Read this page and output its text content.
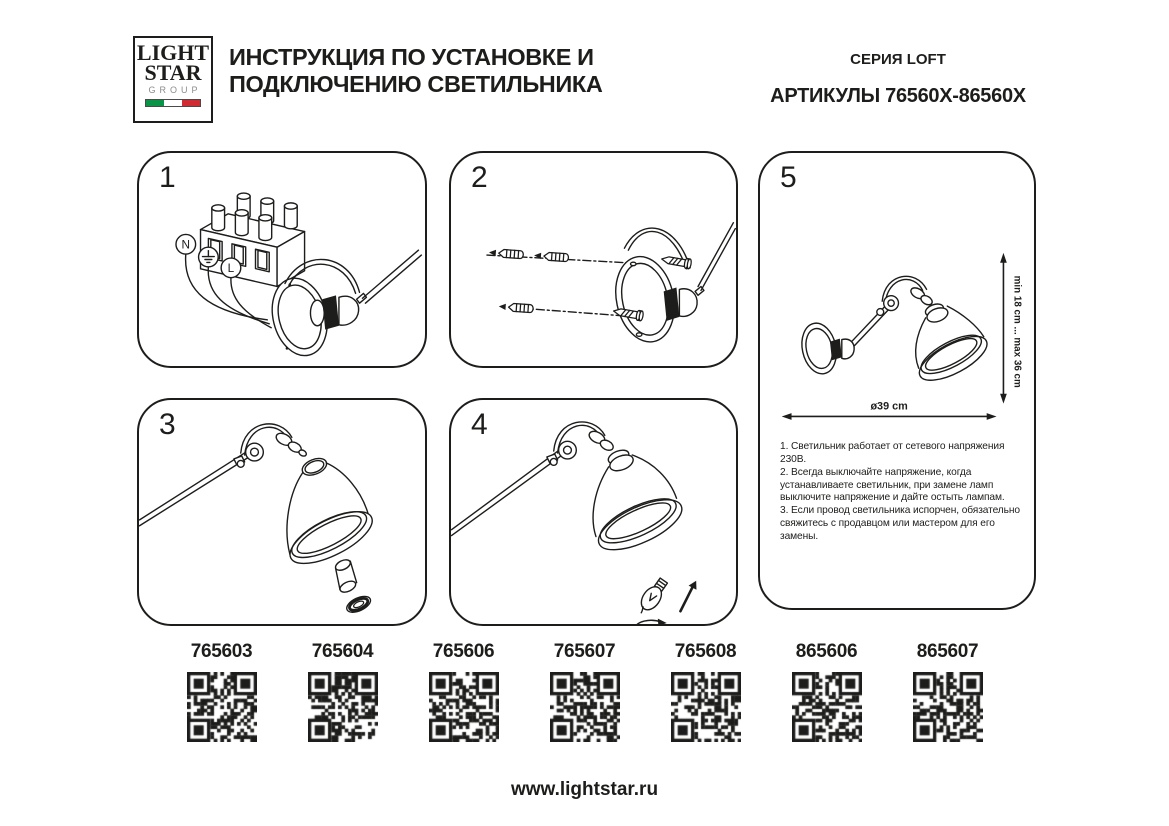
LIGHT
STAR
GROUP
ИНСТРУКЦИЯ ПО УСТАНОВКЕ И
ПОДКЛЮЧЕНИЮ СВЕТИЛЬНИКА
СЕРИЯ LOFT
АРТИКУЛЫ 76560X-86560X
1
N
L
2
3	4
5
min 18 cm ... max 36 cm
ø39 cm
1. Светильник работает от сетевого напряжения 230В.
2. Всегда выключайте напряжение, когда устанавливаете светильник, при замене ламп выключите напряжение и дайте остыть лампам.
3. Если провод светильника испорчен, обязательно свяжитесь с продавцом или мастером для его замены.
765603	765604	765606	765607	765608	865606	865607
www.lightstar.ru
